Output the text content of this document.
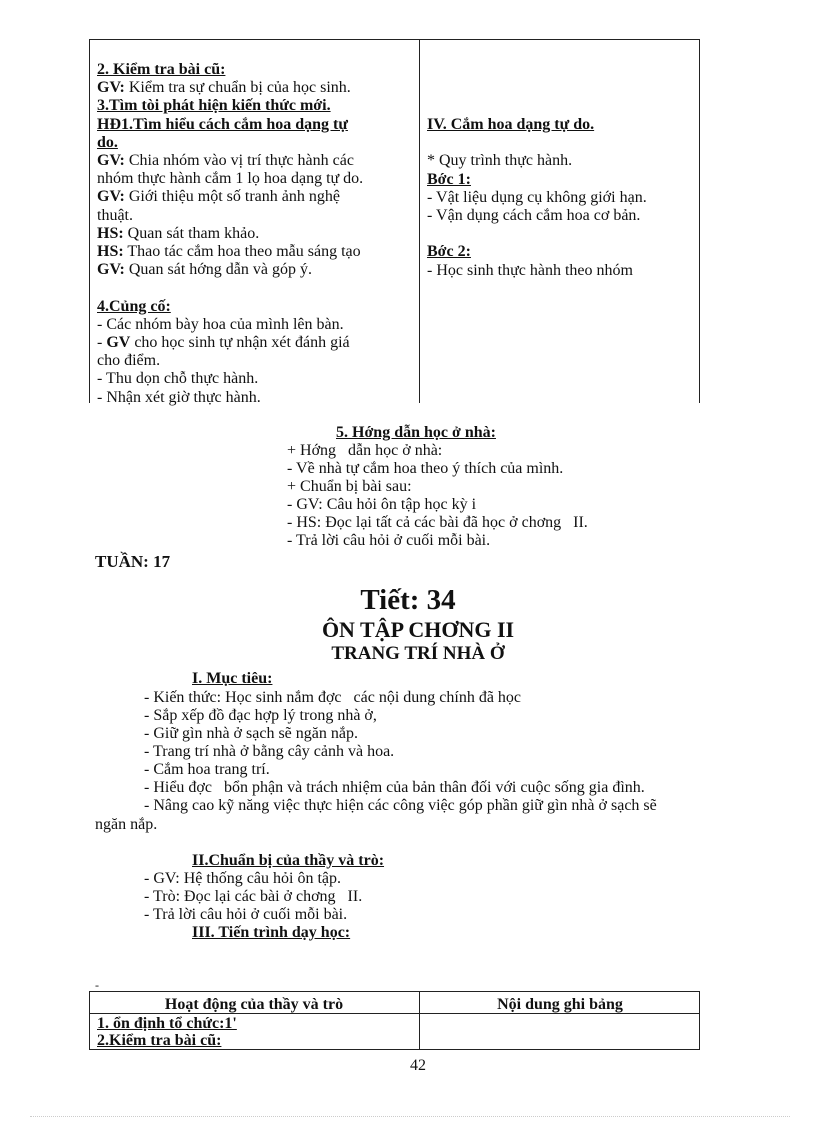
2. Kiểm tra bài cũ:
GV: Kiểm tra sự chuẩn bị của học sinh.
3.Tìm tòi phát hiện kiến thức mới.
HĐ1.Tìm hiểu cách cắm hoa dạng tự
do.
GV: Chia nhóm vào vị trí thực hành các
nhóm thực hành cắm 1 lọ hoa dạng tự do.
GV: Giới thiệu một số tranh ảnh nghệ
thuật.
HS: Quan sát tham khảo.
HS: Thao tác cắm hoa theo mẫu sáng tạo
GV: Quan sát hớng dẫn và góp ý.

4.Củng cố:
- Các nhóm bày hoa của mình lên bàn.
- GV cho học sinh tự nhận xét đánh giá
cho điểm.
- Thu dọn chỗ thực hành.
- Nhận xét giờ thực hành.
IV. Cắm hoa dạng tự do.

* Quy trình thực hành.
Bớc 1:
- Vật liệu dụng cụ không giới hạn.
- Vận dụng cách cắm hoa cơ bản.

Bớc 2:
- Học sinh thực hành theo nhóm
5. Hớng dẫn học ở nhà:
+ Hớng   dẫn học ở nhà:
- Về nhà tự cắm hoa theo ý thích của mình.
+ Chuẩn bị bài sau:
- GV: Câu hỏi ôn tập học kỳ i
- HS: Đọc lại tất cả các bài đã học ở chơng   II.
- Trả lời câu hỏi ở cuối mỗi bài.
TUẦN: 17
Tiết: 34
ÔN TẬP CHƠNG II
TRANG TRÍ NHÀ Ở
I. Mục tiêu:
- Kiến thức: Học sinh nắm đợc   các nội dung chính đã học
- Sắp xếp đồ đạc hợp lý trong nhà ở,
- Giữ gìn nhà ở sạch sẽ ngăn nắp.
- Trang trí nhà ở bằng cây cảnh và hoa.
- Cắm hoa trang trí.
- Hiểu đợc   bổn phận và trách nhiệm của bản thân đối với cuộc sống gia đình.
- Nâng cao kỹ năng việc thực hiện các công việc góp phần giữ gìn nhà ở sạch sẽ
ngăn nắp.
II.Chuẩn bị của thầy và trò:
- GV: Hệ thống câu hỏi ôn tập.
- Trò: Đọc lại các bài ở chơng   II.
- Trả lời câu hỏi ở cuối mỗi bài.
III. Tiến trình dạy học:
-
Hoạt động của thầy và trò	Nội dung ghi bảng
1. ổn định tổ chức:1'
2.Kiểm tra bài cũ:
42
